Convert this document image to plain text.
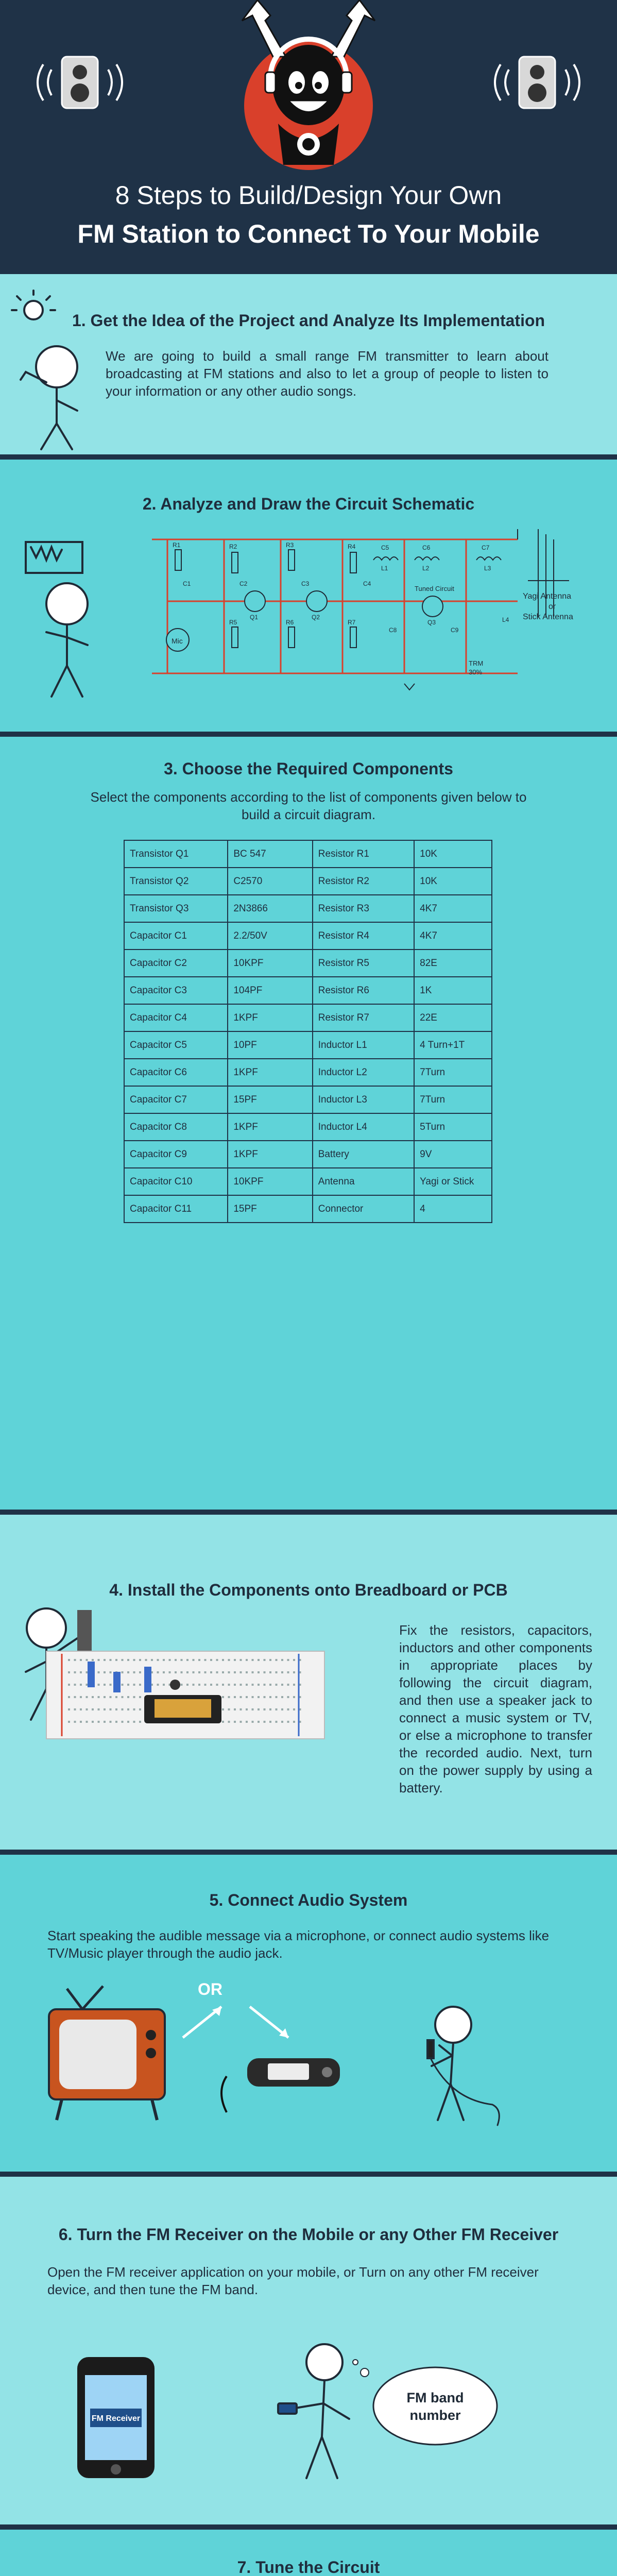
8 Steps to Build/Design Your Own
FM Station to Connect To Your Mobile
1. Get the Idea of the Project and Analyze Its Implementation

We are going to build a small range FM transmitter to learn about broadcasting at FM stations and also to let a group of people to listen to your information or any other audio songs.

2. Analyze and Draw the Circuit Schematic
Mic
Tuned Circuit
Yagi Antenna
or
Stick Antenna
TRM
30%
R1	R2	R3	R4
R5	R6	R7
C1	C2	C3	C4
C5	C6	C7
C8	C9
Q1	Q2
Q3
L1	L2	L3
L4
3. Choose the Required Components

Select the components according to the list of components given below to build a circuit diagram.

Transistor Q1	BC 547	Resistor R1	10K
Transistor Q2	C2570	Resistor R2	10K
Transistor Q3	2N3866	Resistor R3	4K7
Capacitor C1	2.2/50V	Resistor R4	4K7
Capacitor C2	10KPF	Resistor R5	82E
Capacitor C3	104PF	Resistor R6	1K
Capacitor C4	1KPF	Resistor R7	22E
Capacitor C5	10PF	Inductor L1	4 Turn+1T
Capacitor C6	1KPF	Inductor L2	7Turn
Capacitor C7	15PF	Inductor L3	7Turn
Capacitor C8	1KPF	Inductor L4	5Turn
Capacitor C9	1KPF	Battery	9V
Capacitor C10	10KPF	Antenna	Yagi or Stick
Capacitor C11	15PF	Connector	4
4. Install the Components onto Breadboard or PCB

Fix the resistors, capacitors, inductors and other components in appropriate places by following the circuit diagram, and then use a speaker jack to connect a music system or TV, or else a microphone to transfer the recorded audio. Next, turn on the power supply by using a battery.

5. Connect Audio System

Start speaking the audible message via a microphone, or connect audio systems like TV/Music player through the audio jack.

OR
6. Turn the FM Receiver on the Mobile or any Other FM Receiver

Open the FM receiver application on your mobile, or Turn on any other FM receiver device, and then tune the FM band.

FM Receiver
FM band
number
7. Tune the Circuit
